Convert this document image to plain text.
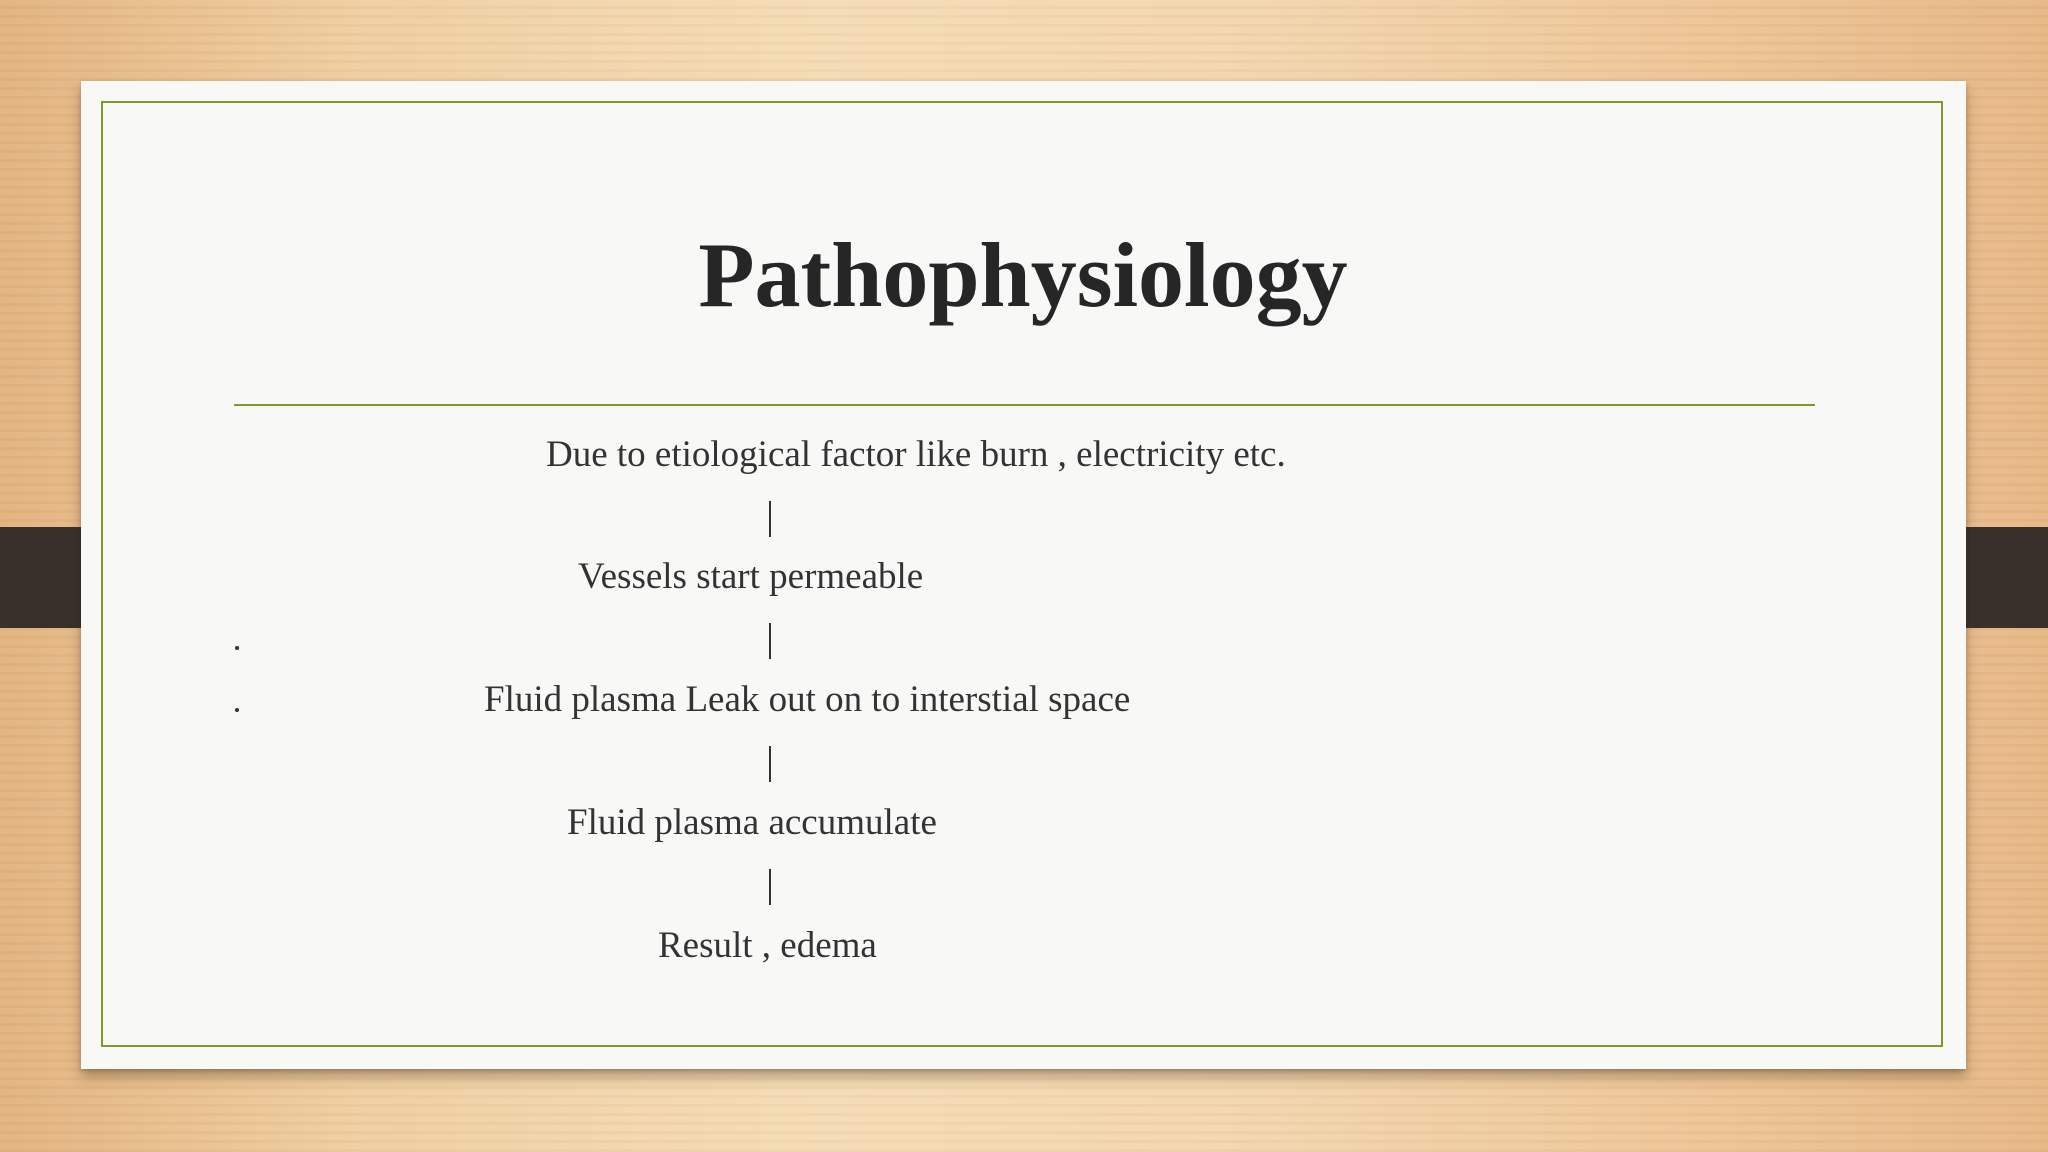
Pathophysiology
Due to etiological factor like burn , electricity etc.
Vessels start permeable
Fluid plasma Leak out on to interstial space
Fluid plasma accumulate
Result , edema
